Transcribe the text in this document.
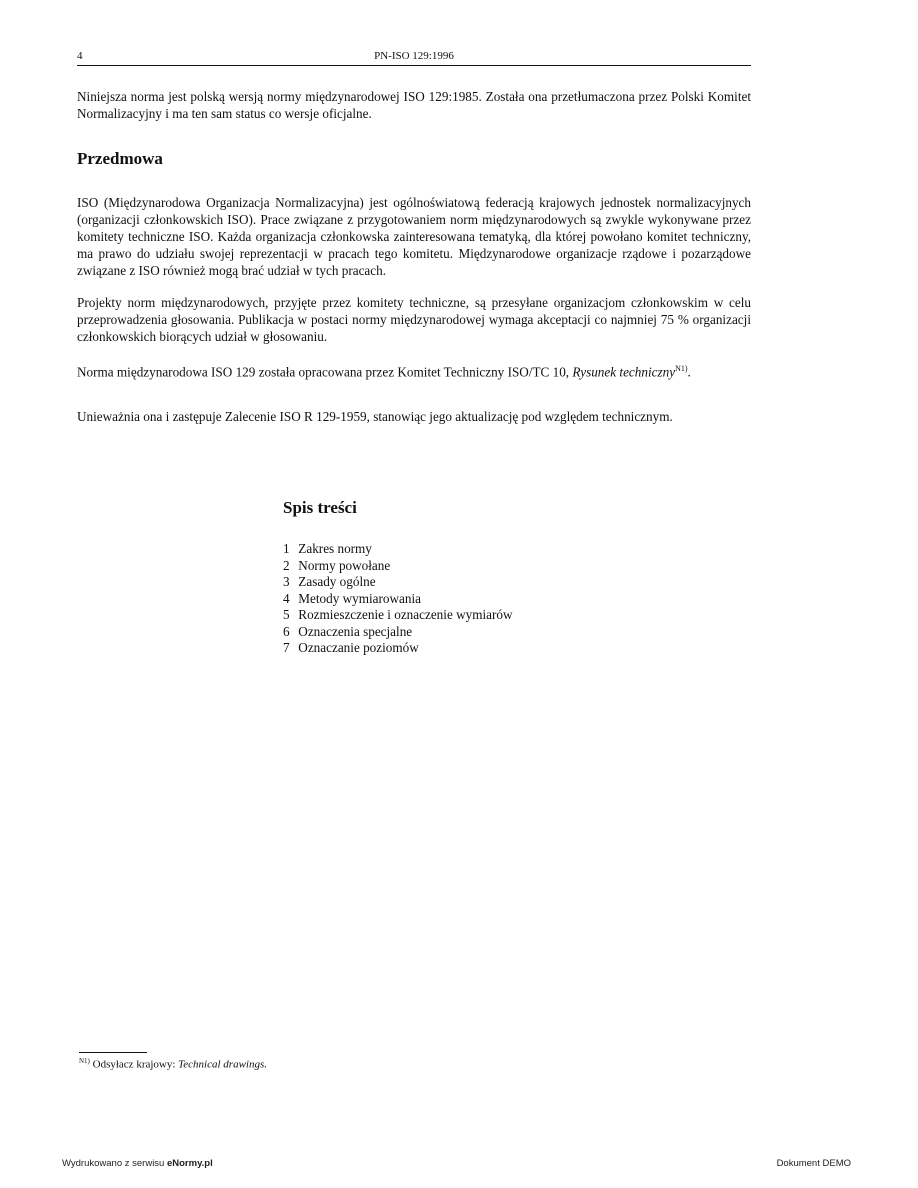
4	PN-ISO 129:1996

Niniejsza norma jest polską wersją normy międzynarodowej ISO 129:1985. Została ona przetłumaczona przez Polski Komitet Normalizacyjny i ma ten sam status co wersje oficjalne.

Przedmowa

ISO (Międzynarodowa Organizacja Normalizacyjna) jest ogólnoświatową federacją krajowych jednostek normalizacyjnych (organizacji członkowskich ISO). Prace związane z przygotowaniem norm międzynarodowych są zwykle wykonywane przez komitety techniczne ISO. Każda organizacja członkowska zainteresowana tematyką, dla której powołano komitet techniczny, ma prawo do udziału swojej reprezentacji w pracach tego komitetu. Międzynarodowe organizacje rządowe i pozarządowe związane z ISO również mogą brać udział w tych pracach.

Projekty norm międzynarodowych, przyjęte przez komitety techniczne, są przesyłane organizacjom członkowskim w celu przeprowadzenia głosowania. Publikacja w postaci normy międzynarodowej wymaga akceptacji co najmniej 75 % organizacji członkowskich biorących udział w głosowaniu.

Norma międzynarodowa ISO 129 została opracowana przez Komitet Techniczny ISO/TC 10, Rysunek techniczny$^{N1)}$.

Unieważnia ona i zastępuje Zalecenie ISO R 129-1959, stanowiąc jego aktualizację pod względem technicznym.

Spis treści
1 Zakres normy
2 Normy powołane
3 Zasady ogólne
4 Metody wymiarowania
5 Rozmieszczenie i oznaczenie wymiarów
6 Oznaczenia specjalne
7 Oznaczanie poziomów
$^{N1)}$ Odsyłacz krajowy: Technical drawings.
Wydrukowano z serwisu eNormy.pl	Dokument DEMO
